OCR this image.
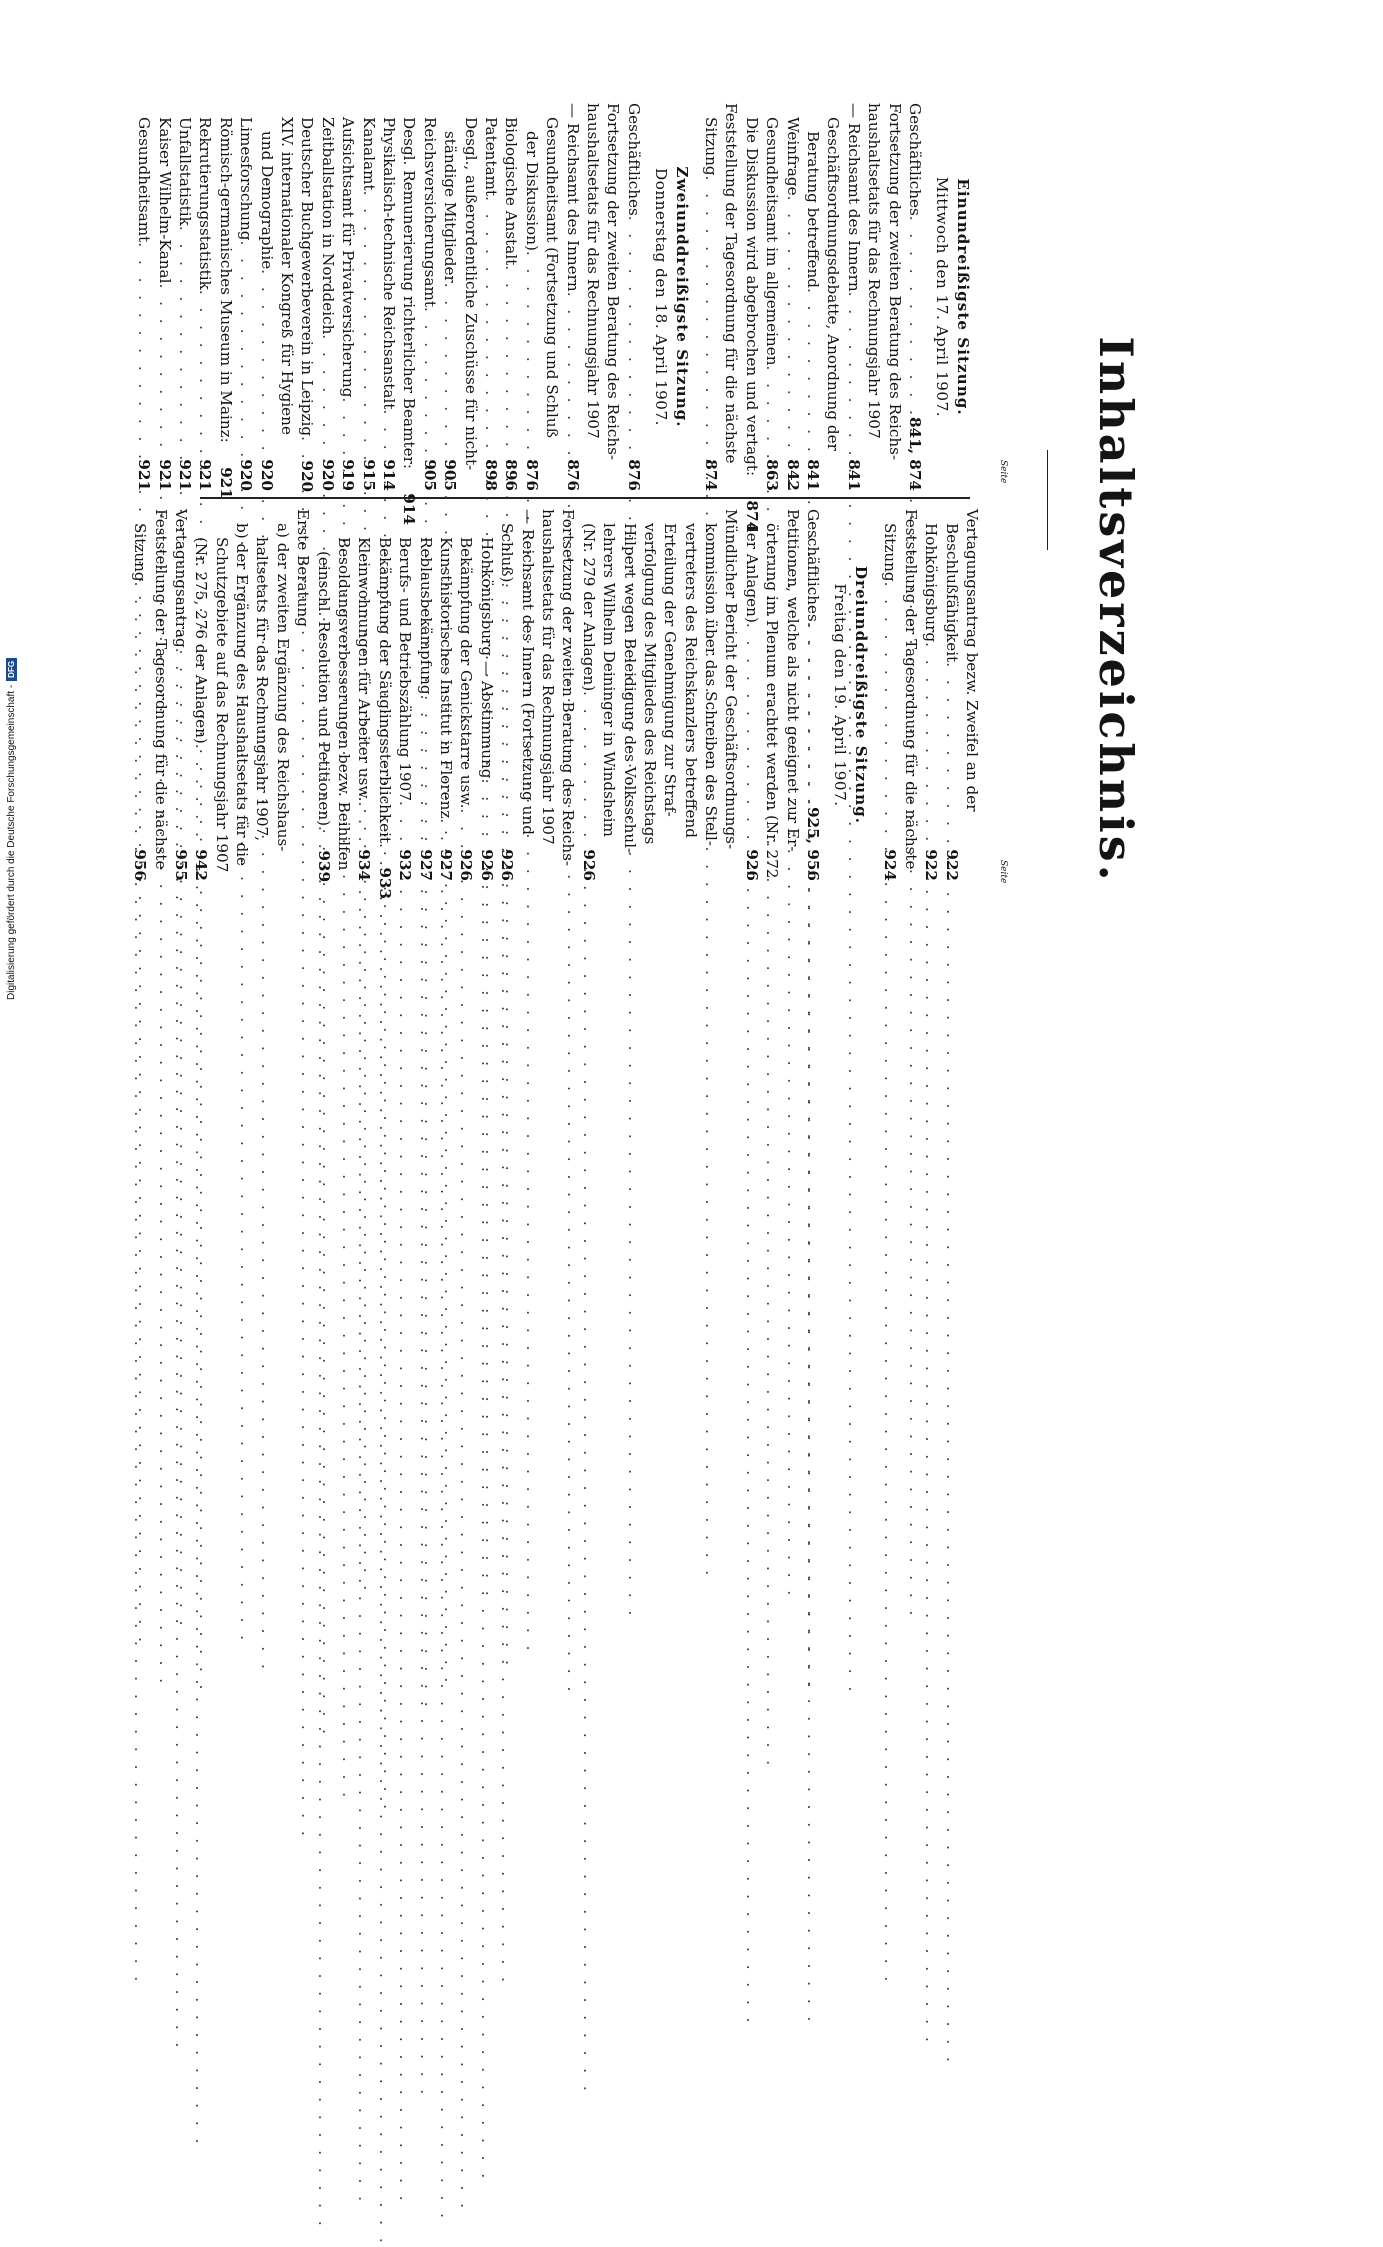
Inhaltsverzeichnis.
Seite
Seite
Einundreißigste Sitzung.
Mittwoch den 17. April 1907.
Geschäftliches
. . .
841, 874
Fortsetzung der zweiten Beratung des Reichs-
haushaltsetats für das Rechnungsjahr 1907
— Reichsamt des Innern
. . .
841
Geschäftsordnungsdebatte, Anordnung der
Beratung betreffend
. . .
841
Weinfrage
. . .
842
Gesundheitsamt im allgemeinen
. . .
863
Die Diskussion wird abgebrochen und vertagt:
874
Feststellung der Tagesordnung für die nächste
Sitzung
. . .
874
Zweiunddreißigste Sitzung.
Donnerstag den 18. April 1907.
Geschäftliches
. . .
876
Fortsetzung der zweiten Beratung des Reichs-
haushaltsetats für das Rechnungsjahr 1907
— Reichsamt des Innern
. . .
876
Gesundheitsamt (Fortsetzung und Schluß
der Diskussion)
. . .
876
Biologische Anstalt
. . .
896
Patentamt
. . .
898
Desgl., außerordentliche Zuschüsse für nicht-
ständige Mitglieder
. . .
905
Reichsversicherungsamt
. . .
905
Desgl. Remunerierung richterlicher Beamter:
914
Physikalisch-technische Reichsanstalt
. . .
914
Kanalamt
. . .
915
Aufsichtsamt für Privatversicherung
. . .
919
Zeitballstation in Norddeich
. . .
920
Deutscher Buchgewerbeverein in Leipzig
. . .
920
XIV. internationaler Kongreß für Hygiene
und Demographie
. . .
920
Limesforschung
. . .
920
Römisch-germanisches Museum in Mainz:
921
Rekrutierungsstatistik
. . .
921
Unfallstatistik
. . .
921
Kaiser Wilhelm-Kanal
. . .
921
Gesundheitsamt
. . .
921
Vertagungsantrag bezw. Zweifel an der
Beschlußfähigkeit
. . .
922
Hohkönigsburg
. . .
922
Feststellung der Tagesordnung für die nächste
Sitzung
. . .
924
Dreiunddreißigste Sitzung.
Freitag den 19. April 1907.
Geschäftliches
. . .
925, 956
Petitionen, welche als nicht geeignet zur Er-
örterung im Plenum erachtet werden (Nr. 272
der Anlagen)
. . .
926
Mündlicher Bericht der Geschäftsordnungs-
kommission über das Schreiben des Stell-
vertreters des Reichskanzlers betreffend
Erteilung der Genehmigung zur Straf-
verfolgung des Mitgliedes des Reichstags
Hilpert wegen Beleidigung des Volksschul-
lehrers Wilhelm Deininger in Windsheim
(Nr. 279 der Anlagen)
. . .
926
Fortsetzung der zweiten Beratung des Reichs-
haushaltsetats für das Rechnungsjahr 1907
— Reichsamt des Innern (Fortsetzung und
Schluß)
. . .
926
Hohkönigsburg — Abstimmung
. . .
926
Bekämpfung der Genickstarre usw.
. . .
926
Kunsthistorisches Institut in Florenz
. . .
927
Reblausbekämpfung
. . .
927
Berufs- und Betriebszählung 1907
. . .
932
Bekämpfung der Säuglingssterblichkeit
. . .
933
Kleinwohnungen für Arbeiter usw.
. . .
934
Besoldungsverbesserungen bezw. Beihilfen
(einschl. Resolution und Petitionen)
. . .
939
Erste Beratung
a) der zweiten Ergänzung des Reichshaus-
haltsetats für das Rechnungsjahr 1907,
b) der Ergänzung des Haushaltsetats für die
Schutzgebiete auf das Rechnungsjahr 1907
(Nr. 275, 276 der Anlagen)
. . .
942
Vertagungsantrag
. . .
955
Feststellung der Tagesordnung für die nächste
Sitzung
. . .
956
Digitalisierung gefördert durch die Deutsche Forschungsgemeinschaft -
DFG
